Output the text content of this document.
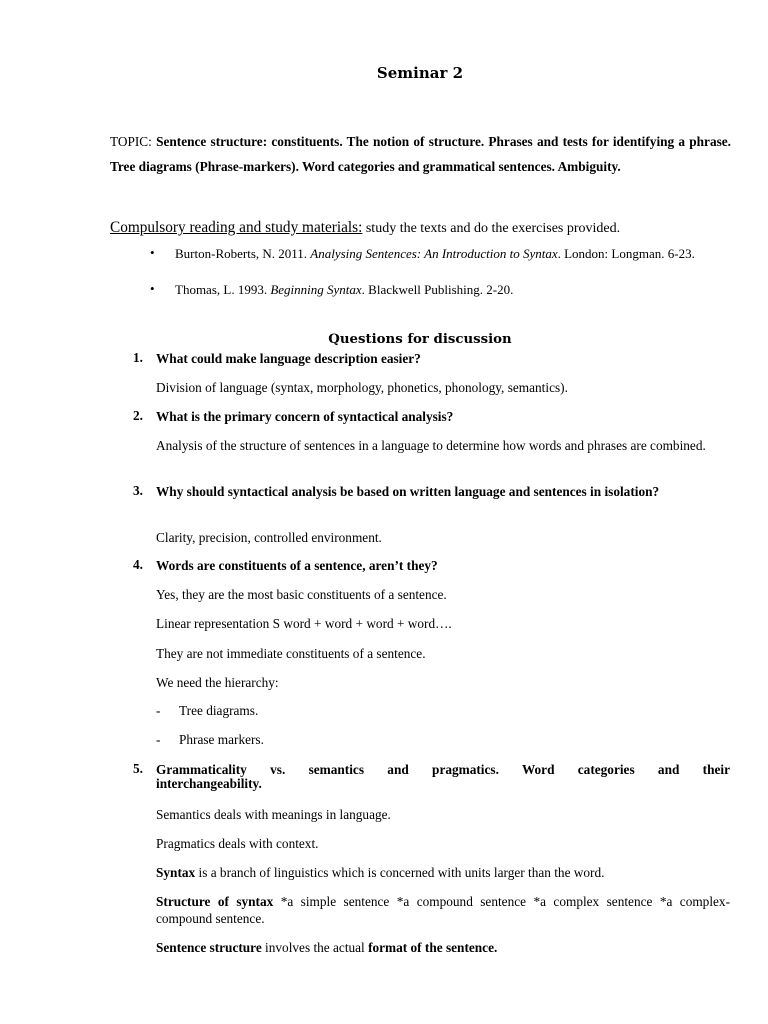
Seminar 2

TOPIC: Sentence structure: constituents. The notion of structure. Phrases and tests for identifying a phrase. Tree diagrams (Phrase-markers). Word categories and grammatical sentences. Ambiguity.

Compulsory reading and study materials: study the texts and do the exercises provided.

• Burton-Roberts, N. 2011. Analysing Sentences: An Introduction to Syntax. London: Longman. 6-23.

• Thomas, L. 1993. Beginning Syntax. Blackwell Publishing. 2-20.

Questions for discussion

1. What could make language description easier?

Division of language (syntax, morphology, phonetics, phonology, semantics).

2. What is the primary concern of syntactical analysis?

Analysis of the structure of sentences in a language to determine how words and phrases are combined.

3. Why should syntactical analysis be based on written language and sentences in isolation?

Clarity, precision, controlled environment.

4. Words are constituents of a sentence, aren’t they?

Yes, they are the most basic constituents of a sentence.

Linear representation S word + word + word + word….

They are not immediate constituents of a sentence.

We need the hierarchy:

- Tree diagrams.

- Phrase markers.

5. Grammaticality vs. semantics and pragmatics. Word categories and their

interchangeability.

Semantics deals with meanings in language.

Pragmatics deals with context.

Syntax is a branch of linguistics which is concerned with units larger than the word.

Structure of syntax *a simple sentence *a compound sentence *a complex sentence *a complex-compound sentence.

Sentence structure involves the actual format of the sentence.
